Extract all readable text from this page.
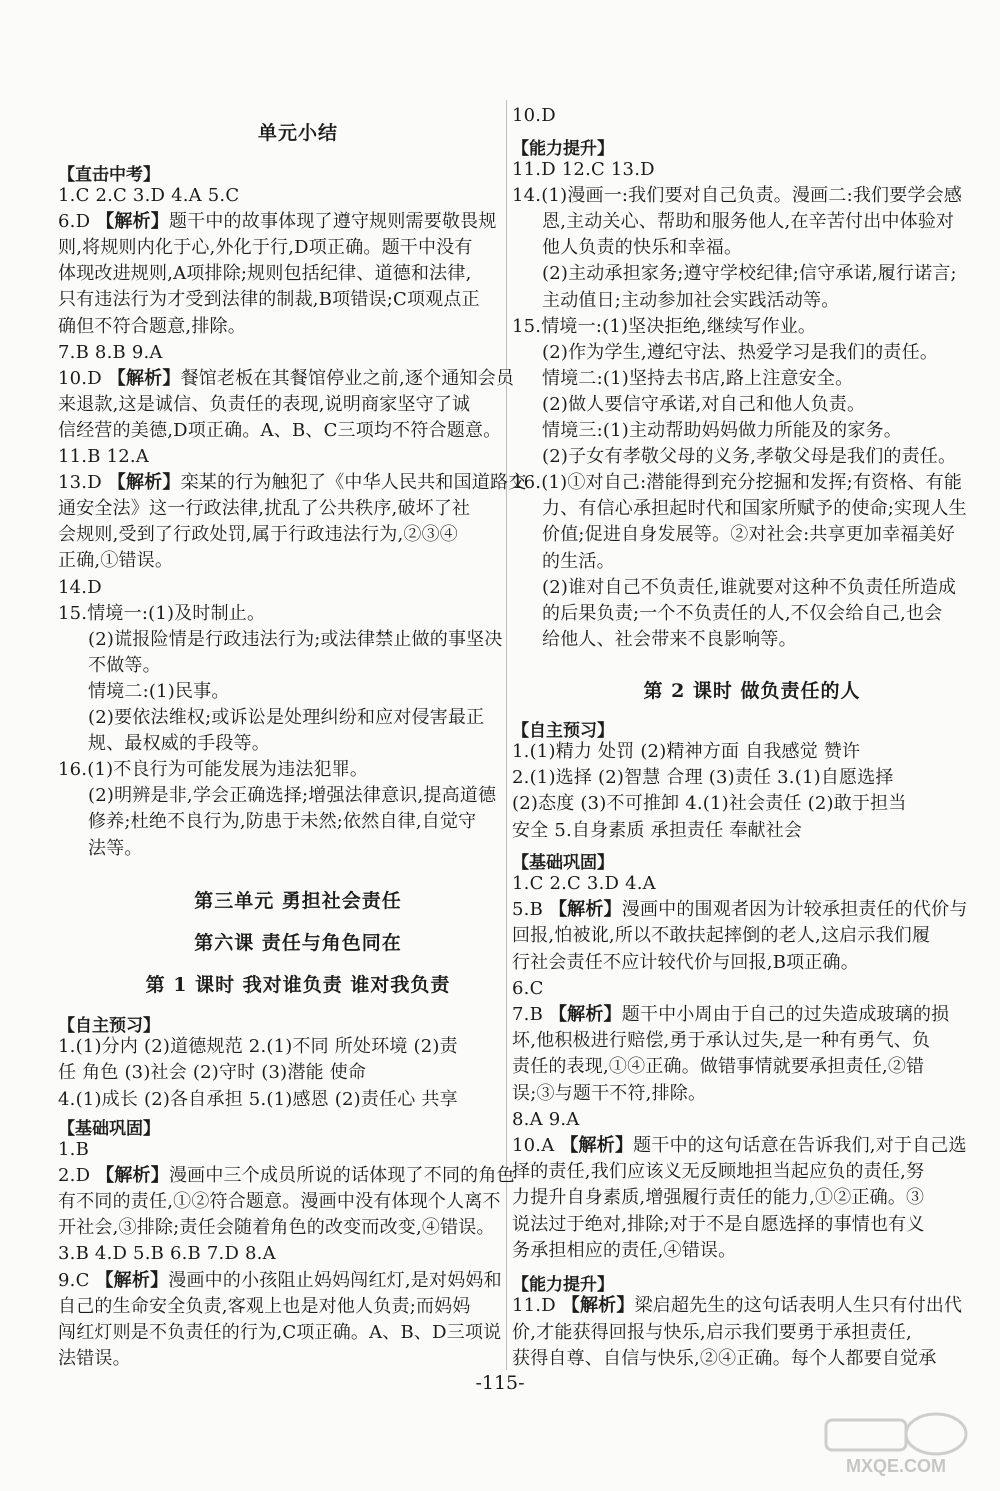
单元小结
【直击中考】
1.C 2.C 3.D 4.A 5.C
6.D 【解析】题干中的故事体现了遵守规则需要敬畏规
则,将规则内化于心,外化于行,D项正确。题干中没有
体现改进规则,A项排除;规则包括纪律、道德和法律,
只有违法行为才受到法律的制裁,B项错误;C项观点正
确但不符合题意,排除。
7.B 8.B 9.A
10.D 【解析】餐馆老板在其餐馆停业之前,逐个通知会员
来退款,这是诚信、负责任的表现,说明商家坚守了诚
信经营的美德,D项正确。A、B、C三项均不符合题意。
11.B 12.A
13.D 【解析】栾某的行为触犯了《中华人民共和国道路交
通安全法》这一行政法律,扰乱了公共秩序,破坏了社
会规则,受到了行政处罚,属于行政违法行为,②③④
正确,①错误。
14.D
15.情境一:(1)及时制止。
(2)谎报险情是行政违法行为;或法律禁止做的事坚决
不做等。
情境二:(1)民事。
(2)要依法维权;或诉讼是处理纠纷和应对侵害最正
规、最权威的手段等。
16.(1)不良行为可能发展为违法犯罪。
(2)明辨是非,学会正确选择;增强法律意识,提高道德
修养;杜绝不良行为,防患于未然;依然自律,自觉守
法等。
第三单元 勇担社会责任
第六课 责任与角色同在
第 1 课时 我对谁负责 谁对我负责
【自主预习】
1.(1)分内 (2)道德规范 2.(1)不同 所处环境 (2)责
任 角色 (3)社会 (2)守时 (3)潜能 使命
4.(1)成长 (2)各自承担 5.(1)感恩 (2)责任心 共享
【基础巩固】
1.B
2.D 【解析】漫画中三个成员所说的话体现了不同的角色
有不同的责任,①②符合题意。漫画中没有体现个人离不
开社会,③排除;责任会随着角色的改变而改变,④错误。
3.B 4.D 5.B 6.B 7.D 8.A
9.C 【解析】漫画中的小孩阻止妈妈闯红灯,是对妈妈和
自己的生命安全负责,客观上也是对他人负责;而妈妈
闯红灯则是不负责任的行为,C项正确。A、B、D三项说
法错误。
10.D
【能力提升】
11.D 12.C 13.D
14.(1)漫画一:我们要对自己负责。漫画二:我们要学会感
恩,主动关心、帮助和服务他人,在辛苦付出中体验对
他人负责的快乐和幸福。
(2)主动承担家务;遵守学校纪律;信守承诺,履行诺言;
主动值日;主动参加社会实践活动等。
15.情境一:(1)坚决拒绝,继续写作业。
(2)作为学生,遵纪守法、热爱学习是我们的责任。
情境二:(1)坚持去书店,路上注意安全。
(2)做人要信守承诺,对自己和他人负责。
情境三:(1)主动帮助妈妈做力所能及的家务。
(2)子女有孝敬父母的义务,孝敬父母是我们的责任。
16.(1)①对自己:潜能得到充分挖掘和发挥;有资格、有能
力、有信心承担起时代和国家所赋予的使命;实现人生
价值;促进自身发展等。②对社会:共享更加幸福美好
的生活。
(2)谁对自己不负责任,谁就要对这种不负责任所造成
的后果负责;一个不负责任的人,不仅会给自己,也会
给他人、社会带来不良影响等。
第 2 课时 做负责任的人
【自主预习】
1.(1)精力 处罚 (2)精神方面 自我感觉 赞许
2.(1)选择 (2)智慧 合理 (3)责任 3.(1)自愿选择
(2)态度 (3)不可推卸 4.(1)社会责任 (2)敢于担当
安全 5.自身素质 承担责任 奉献社会
【基础巩固】
1.C 2.C 3.D 4.A
5.B 【解析】漫画中的围观者因为计较承担责任的代价与
回报,怕被讹,所以不敢扶起摔倒的老人,这启示我们履
行社会责任不应计较代价与回报,B项正确。
6.C
7.B 【解析】题干中小周由于自己的过失造成玻璃的损
坏,他积极进行赔偿,勇于承认过失,是一种有勇气、负
责任的表现,①④正确。做错事情就要承担责任,②错
误;③与题干不符,排除。
8.A 9.A
10.A 【解析】题干中的这句话意在告诉我们,对于自己选
择的责任,我们应该义无反顾地担当起应负的责任,努
力提升自身素质,增强履行责任的能力,①②正确。③
说法过于绝对,排除;对于不是自愿选择的事情也有义
务承担相应的责任,④错误。
【能力提升】
11.D 【解析】梁启超先生的这句话表明人生只有付出代
价,才能获得回报与快乐,启示我们要勇于承担责任,
获得自尊、自信与快乐,②④正确。每个人都要自觉承
-115-
MXQE.COM
